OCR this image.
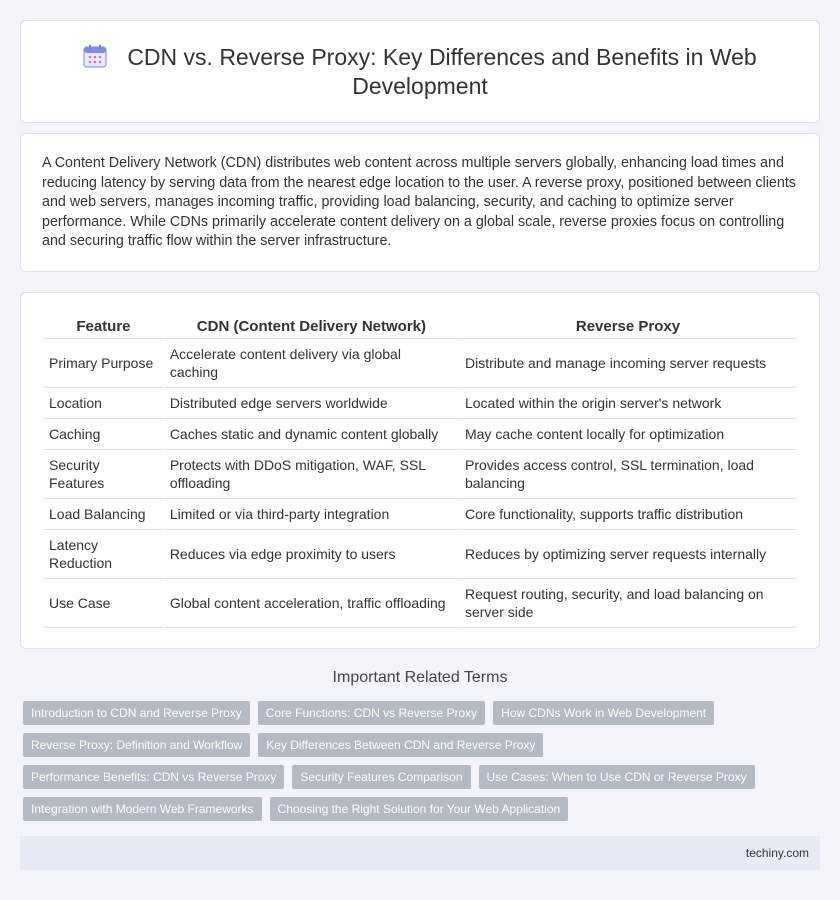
CDN vs. Reverse Proxy: Key Differences and Benefits in Web Development

A Content Delivery Network (CDN) distributes web content across multiple servers globally, enhancing load times and reducing latency by serving data from the nearest edge location to the user. A reverse proxy, positioned between clients and web servers, manages incoming traffic, providing load balancing, security, and caching to optimize server performance. While CDNs primarily accelerate content delivery on a global scale, reverse proxies focus on controlling and securing traffic flow within the server infrastructure.

Feature	CDN (Content Delivery Network)	Reverse Proxy
Primary Purpose	Accelerate content delivery via global caching	Distribute and manage incoming server requests
Location	Distributed edge servers worldwide	Located within the origin server's network
Caching	Caches static and dynamic content globally	May cache content locally for optimization
Security Features	Protects with DDoS mitigation, WAF, SSL offloading	Provides access control, SSL termination, load balancing
Load Balancing	Limited or via third-party integration	Core functionality, supports traffic distribution
Latency Reduction	Reduces via edge proximity to users	Reduces by optimizing server requests internally
Use Case	Global content acceleration, traffic offloading	Request routing, security, and load balancing on server side
Important Related Terms
Introduction to CDN and Reverse Proxy	Core Functions: CDN vs Reverse Proxy	How CDNs Work in Web Development
Reverse Proxy: Definition and Workflow	Key Differences Between CDN and Reverse Proxy
Performance Benefits: CDN vs Reverse Proxy	Security Features Comparison	Use Cases: When to Use CDN or Reverse Proxy
Integration with Modern Web Frameworks	Choosing the Right Solution for Your Web Application
techiny.com
